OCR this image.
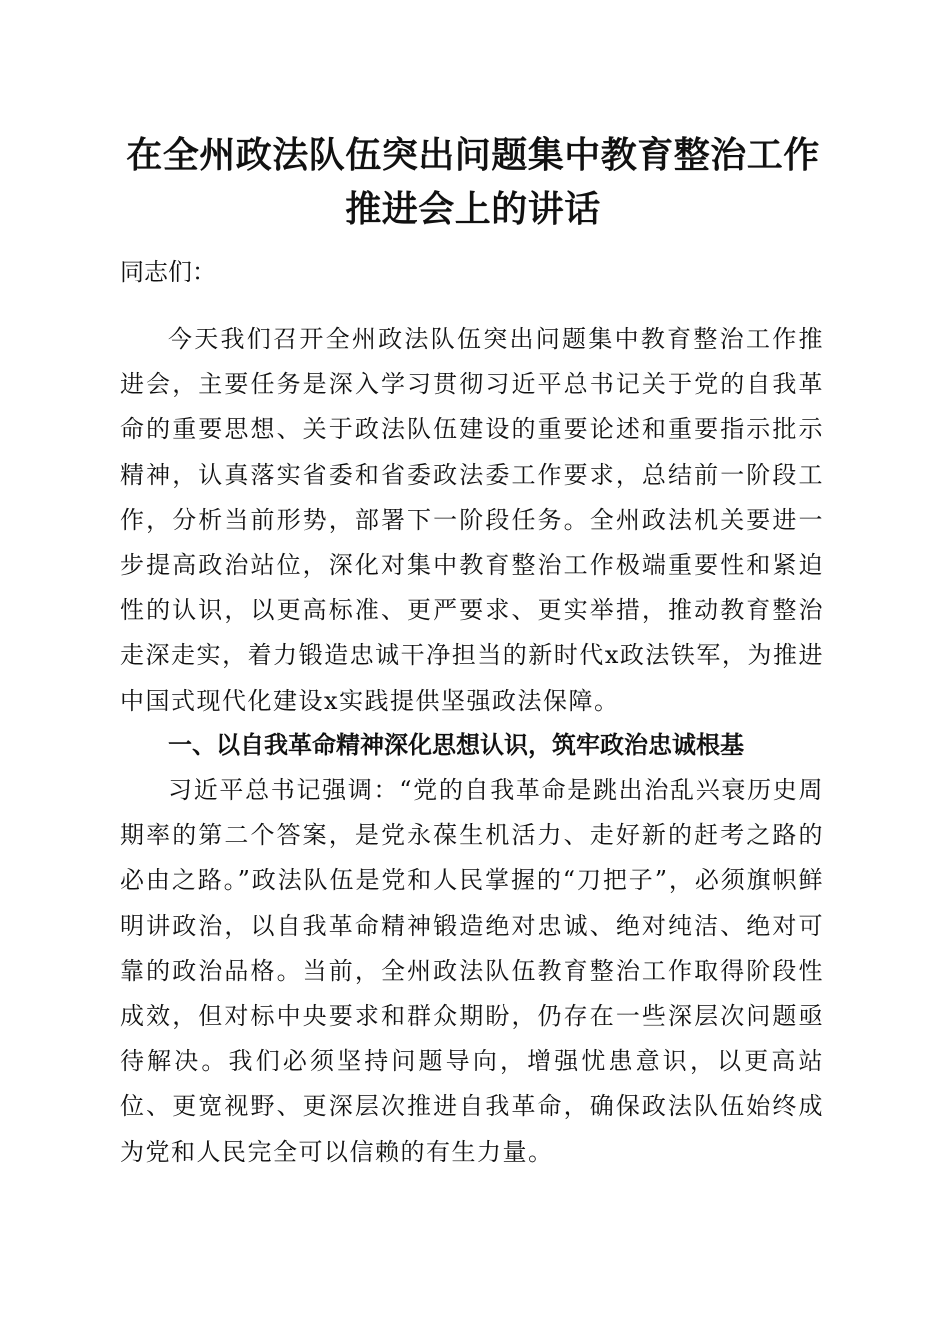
在全州政法队伍突出问题集中教育整治工作推进会上的讲话

同志们：

今天我们召开全州政法队伍突出问题集中教育整治工作推进会，主要任务是深入学习贯彻习近平总书记关于党的自我革命的重要思想、关于政法队伍建设的重要论述和重要指示批示精神，认真落实省委和省委政法委工作要求，总结前一阶段工作，分析当前形势，部署下一阶段任务。全州政法机关要进一步提高政治站位，深化对集中教育整治工作极端重要性和紧迫性的认识，以更高标准、更严要求、更实举措，推动教育整治走深走实，着力锻造忠诚干净担当的新时代x政法铁军，为推进中国式现代化建设x实践提供坚强政法保障。

一、以自我革命精神深化思想认识，筑牢政治忠诚根基

习近平总书记强调：“党的自我革命是跳出治乱兴衰历史周期率的第二个答案，是党永葆生机活力、走好新的赶考之路的必由之路。”政法队伍是党和人民掌握的“刀把子”，必须旗帜鲜明讲政治，以自我革命精神锻造绝对忠诚、绝对纯洁、绝对可靠的政治品格。当前，全州政法队伍教育整治工作取得阶段性成效，但对标中央要求和群众期盼，仍存在一些深层次问题亟待解决。我们必须坚持问题导向，增强忧患意识，以更高站位、更宽视野、更深层次推进自我革命，确保政法队伍始终成为党和人民完全可以信赖的有生力量。
